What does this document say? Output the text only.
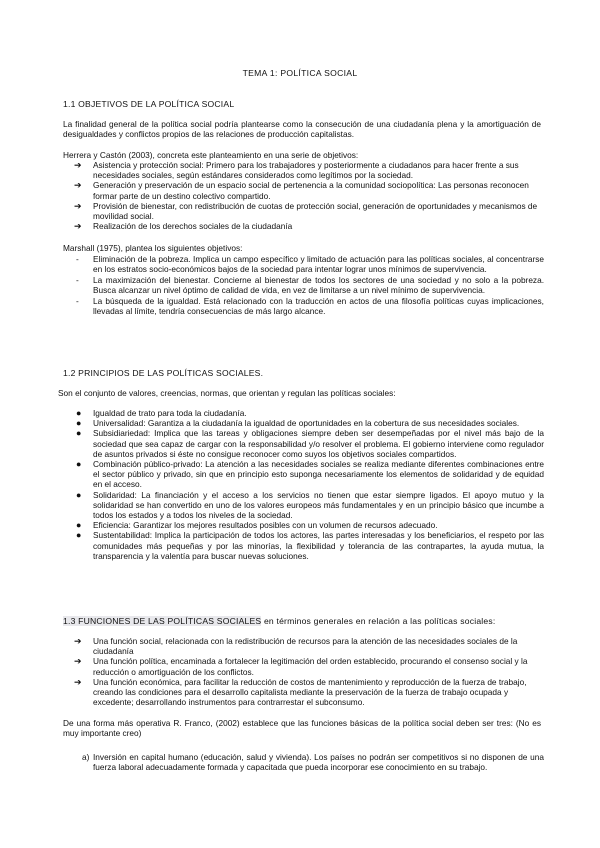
TEMA 1: POLÍTICA SOCIAL
1.1 OBJETIVOS DE LA POLÍTICA SOCIAL
La finalidad general de la política social podría plantearse como la consecución de una ciudadanía plena y la amortiguación de desigualdades y conflictos propios de las relaciones de producción capitalistas.
Herrera y Castón (2003), concreta este planteamiento en una serie de objetivos:
➔ Asistencia y protección social: Primero para los trabajadores y posteriormente a ciudadanos para hacer frente a sus necesidades sociales, según estándares considerados como legítimos por la sociedad.
➔ Generación y preservación de un espacio social de pertenencia a la comunidad sociopolítica: Las personas reconocen formar parte de un destino colectivo compartido.
➔ Provisión de bienestar, con redistribución de cuotas de protección social, generación de oportunidades y mecanismos de movilidad social.
➔ Realización de los derechos sociales de la ciudadanía
Marshall (1975), plantea los siguientes objetivos:
- Eliminación de la pobreza. Implica un campo específico y limitado de actuación para las políticas sociales, al concentrarse en los estratos socio-económicos bajos de la sociedad para intentar lograr unos mínimos de supervivencia.
- La maximización del bienestar. Concierne al bienestar de todos los sectores de una sociedad y no solo a la pobreza. Busca alcanzar un nivel óptimo de calidad de vida, en vez de limitarse a un nivel mínimo de supervivencia.
- La búsqueda de la igualdad. Está relacionado con la traducción en actos de una filosofía políticas cuyas implicaciones, llevadas al límite, tendría consecuencias de más largo alcance.
1.2 PRINCIPIOS DE LAS POLÍTICAS SOCIALES.
Son el conjunto de valores, creencias, normas, que orientan y regulan las políticas sociales:
● Igualdad de trato para toda la ciudadanía.
● Universalidad: Garantiza a la ciudadanía la igualdad de oportunidades en la cobertura de sus necesidades sociales.
● Subsidiariedad: Implica que las tareas y obligaciones siempre deben ser desempeñadas por el nivel más bajo de la sociedad que sea capaz de cargar con la responsabilidad y/o resolver el problema. El gobierno interviene como regulador de asuntos privados si éste no consigue reconocer como suyos los objetivos sociales compartidos.
● Combinación público-privado: La atención a las necesidades sociales se realiza mediante diferentes combinaciones entre el sector público y privado, sin que en principio esto suponga necesariamente los elementos de solidaridad y de equidad en el acceso.
● Solidaridad: La financiación y el acceso a los servicios no tienen que estar siempre ligados. El apoyo mutuo y la solidaridad se han convertido en uno de los valores europeos más fundamentales y en un principio básico que incumbe a todos los estados y a todos los niveles de la sociedad.
● Eficiencia: Garantizar los mejores resultados posibles con un volumen de recursos adecuado.
● Sustentabilidad: Implica la participación de todos los actores, las partes interesadas y los beneficiarios, el respeto por las comunidades más pequeñas y por las minorías, la flexibilidad y tolerancia de las contrapartes, la ayuda mutua, la transparencia y la valentía para buscar nuevas soluciones.
1.3 FUNCIONES DE LAS POLÍTICAS SOCIALES en términos generales en relación a las políticas sociales:
➔ Una función social, relacionada con la redistribución de recursos para la atención de las necesidades sociales de la ciudadanía
➔ Una función política, encaminada a fortalecer la legitimación del orden establecido, procurando el consenso social y la reducción o amortiguación de los conflictos.
➔ Una función económica, para facilitar la reducción de costos de mantenimiento y reproducción de la fuerza de trabajo, creando las condiciones para el desarrollo capitalista mediante la preservación de la fuerza de trabajo ocupada y excedente; desarrollando instrumentos para contrarrestar el subconsumo.
De una forma más operativa R. Franco, (2002) establece que las funciones básicas de la política social deben ser tres: (No es muy importante creo)
a) Inversión en capital humano (educación, salud y vivienda). Los países no podrán ser competitivos si no disponen de una fuerza laboral adecuadamente formada y capacitada que pueda incorporar ese conocimiento en su trabajo.
